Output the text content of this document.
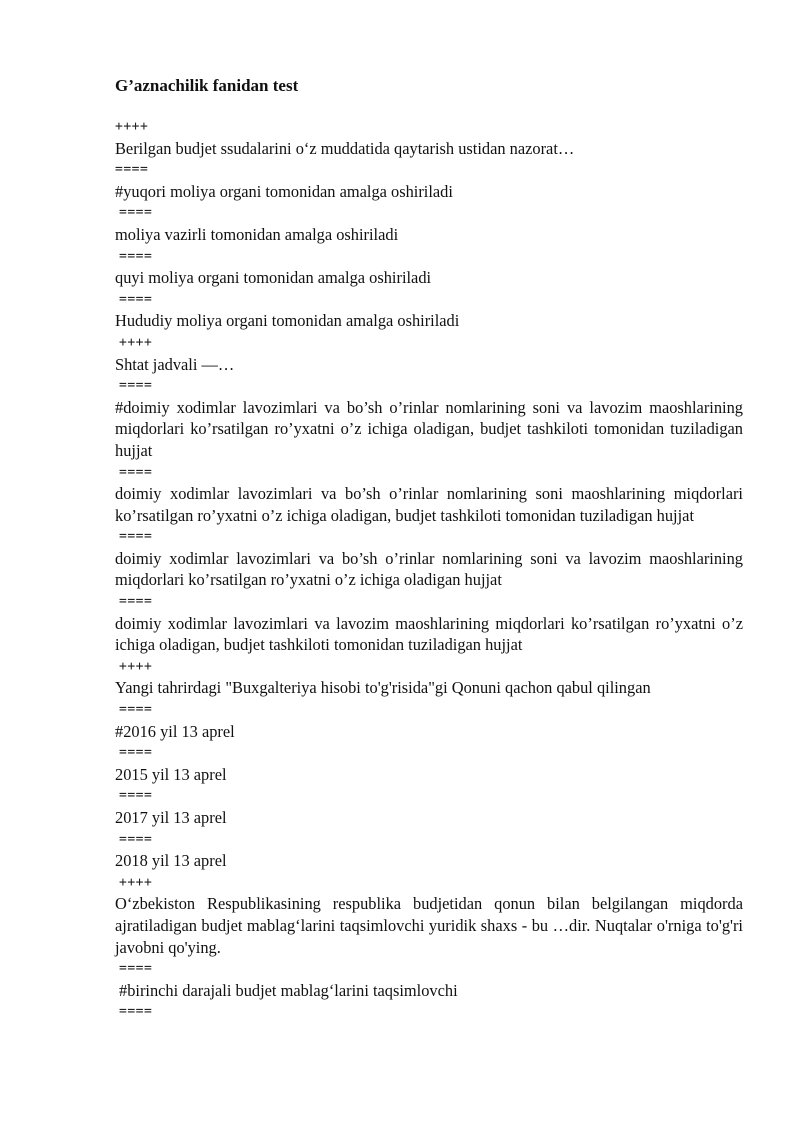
G’aznachilik fanidan test
++++
Berilgan budjet ssudalarini o‘z muddatida qaytarish ustidan nazorat…
====
#yuqori moliya organi tomonidan amalga oshiriladi
====
moliya vazirli tomonidan amalga oshiriladi
====
quyi moliya organi tomonidan amalga oshiriladi
====
Hududiy moliya organi tomonidan amalga oshiriladi
++++
Shtat jadvali —…
====
#doimiy xodimlar lavozimlari va bo’sh o’rinlar nomlarining soni va lavozim maoshlarining miqdorlari ko’rsatilgan ro’yxatni o’z ichiga oladigan, budjet tashkiloti tomonidan tuziladigan hujjat
====
doimiy xodimlar lavozimlari va bo’sh o’rinlar nomlarining soni maoshlarining miqdorlari ko’rsatilgan ro’yxatni o’z ichiga oladigan, budjet tashkiloti tomonidan tuziladigan hujjat
====
doimiy xodimlar lavozimlari va bo’sh o’rinlar nomlarining soni va lavozim maoshlarining miqdorlari ko’rsatilgan ro’yxatni o’z ichiga oladigan hujjat
====
doimiy xodimlar lavozimlari va lavozim maoshlarining miqdorlari ko’rsatilgan ro’yxatni o’z ichiga oladigan, budjet tashkiloti tomonidan tuziladigan hujjat
++++
Yangi tahrirdagi "Buxgalteriya hisobi to'g'risida"gi Qonuni qachon qabul qilingan
====
#2016 yil 13 aprel
====
2015 yil 13 aprel
====
2017 yil 13 aprel
====
2018 yil 13 aprel
++++
O‘zbekiston Respublikasining respublika budjetidan qonun bilan belgilangan miqdorda ajratiladigan budjet mablag‘larini taqsimlovchi yuridik shaxs - bu …dir. Nuqtalar o'rniga to'g'ri javobni qo'ying.
====
#birinchi darajali budjet mablag‘larini taqsimlovchi
====
